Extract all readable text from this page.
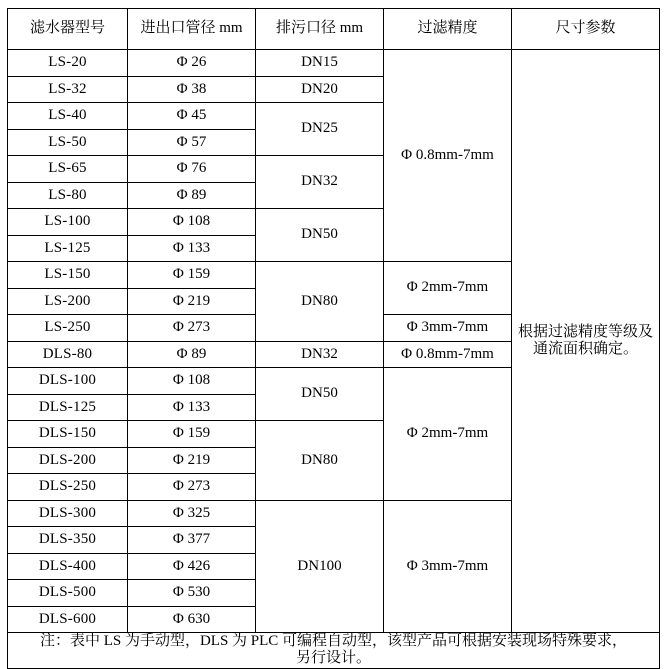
滤水器型号	进出口管径 mm	排污口径 mm	过滤精度	尺寸参数
LS-20	Φ 26	DN15	Φ 0.8mm-7mm	根据过滤精度等级及通流面积确定。
LS-32	Φ 38	DN20		
LS-40	Φ 45	DN25		
LS-50	Φ 57			
LS-65	Φ 76	DN32		
LS-80	Φ 89			
LS-100	Φ 108	DN50		
LS-125	Φ 133			
LS-150	Φ 159	DN80	Φ 2mm-7mm	
LS-200	Φ 219			
LS-250	Φ 273		Φ 3mm-7mm	
DLS-80	Φ 89	DN32	Φ 0.8mm-7mm	
DLS-100	Φ 108	DN50	Φ 2mm-7mm	
DLS-125	Φ 133			
DLS-150	Φ 159	DN80		
DLS-200	Φ 219			
DLS-250	Φ 273			
DLS-300	Φ 325	DN100	Φ 3mm-7mm	
DLS-350	Φ 377			
DLS-400	Φ 426			
DLS-500	Φ 530			
DLS-600	Φ 630			
注：表中 LS 为手动型，DLS 为 PLC 可编程自动型，该型产品可根据安装现场特殊要求，
另行设计。				
